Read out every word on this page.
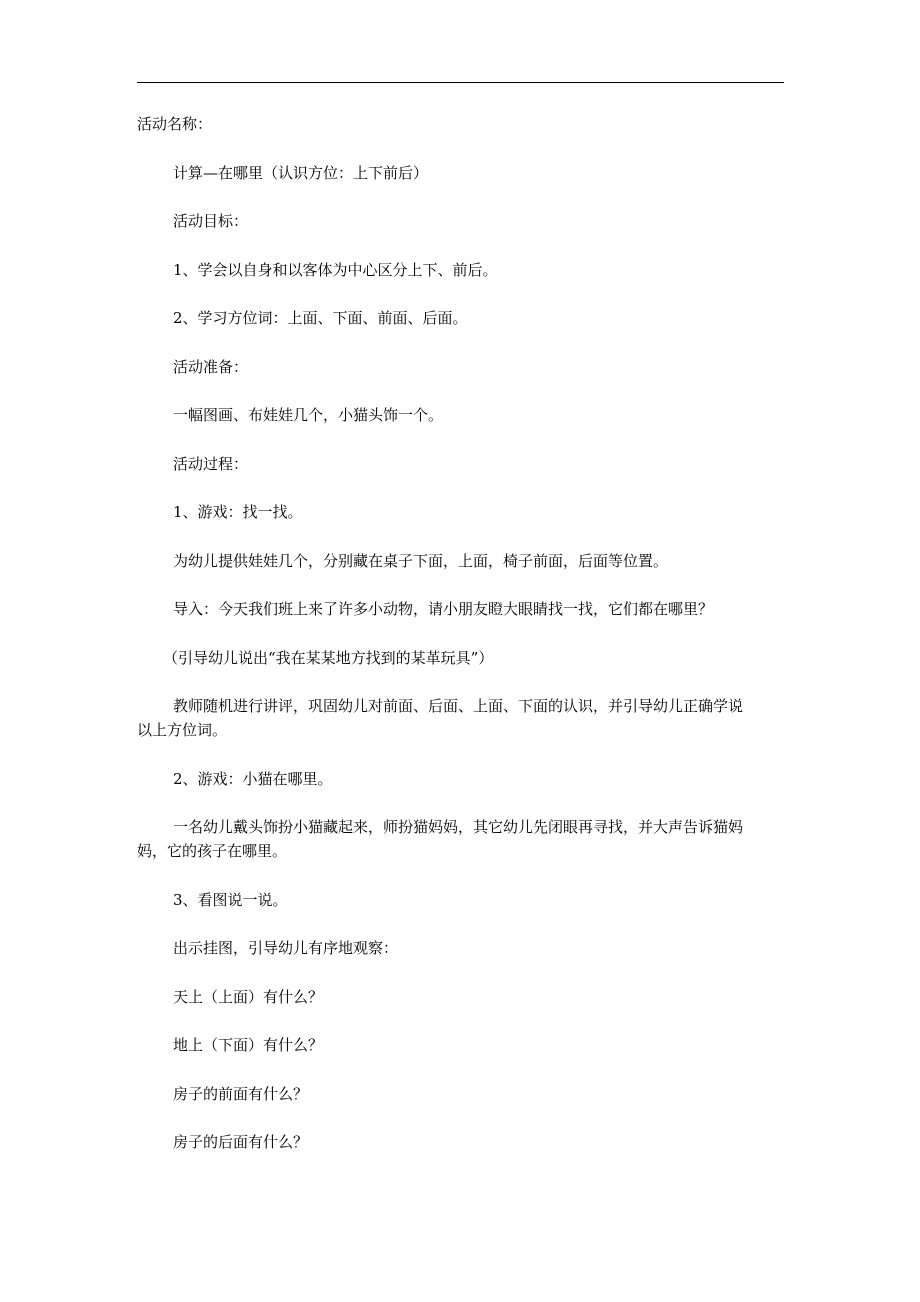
活动名称：
计算—在哪里（认识方位：上下前后）
活动目标：
1、学会以自身和以客体为中心区分上下、前后。
2、学习方位词：上面、下面、前面、后面。
活动准备：
一幅图画、布娃娃几个，小猫头饰一个。
活动过程：
1、游戏：找一找。
为幼儿提供娃娃几个，分别藏在桌子下面，上面，椅子前面，后面等位置。
导入：今天我们班上来了许多小动物，请小朋友瞪大眼睛找一找，它们都在哪里？
（引导幼儿说出“我在某某地方找到的某革玩具”）
教师随机进行讲评，巩固幼儿对前面、后面、上面、下面的认识，并引导幼儿正确学说
以上方位词。
2、游戏：小猫在哪里。
一名幼儿戴头饰扮小猫藏起来，师扮猫妈妈，其它幼儿先闭眼再寻找，并大声告诉猫妈
妈，它的孩子在哪里。
3、看图说一说。
出示挂图，引导幼儿有序地观察：
天上（上面）有什么？
地上（下面）有什么？
房子的前面有什么？
房子的后面有什么？
